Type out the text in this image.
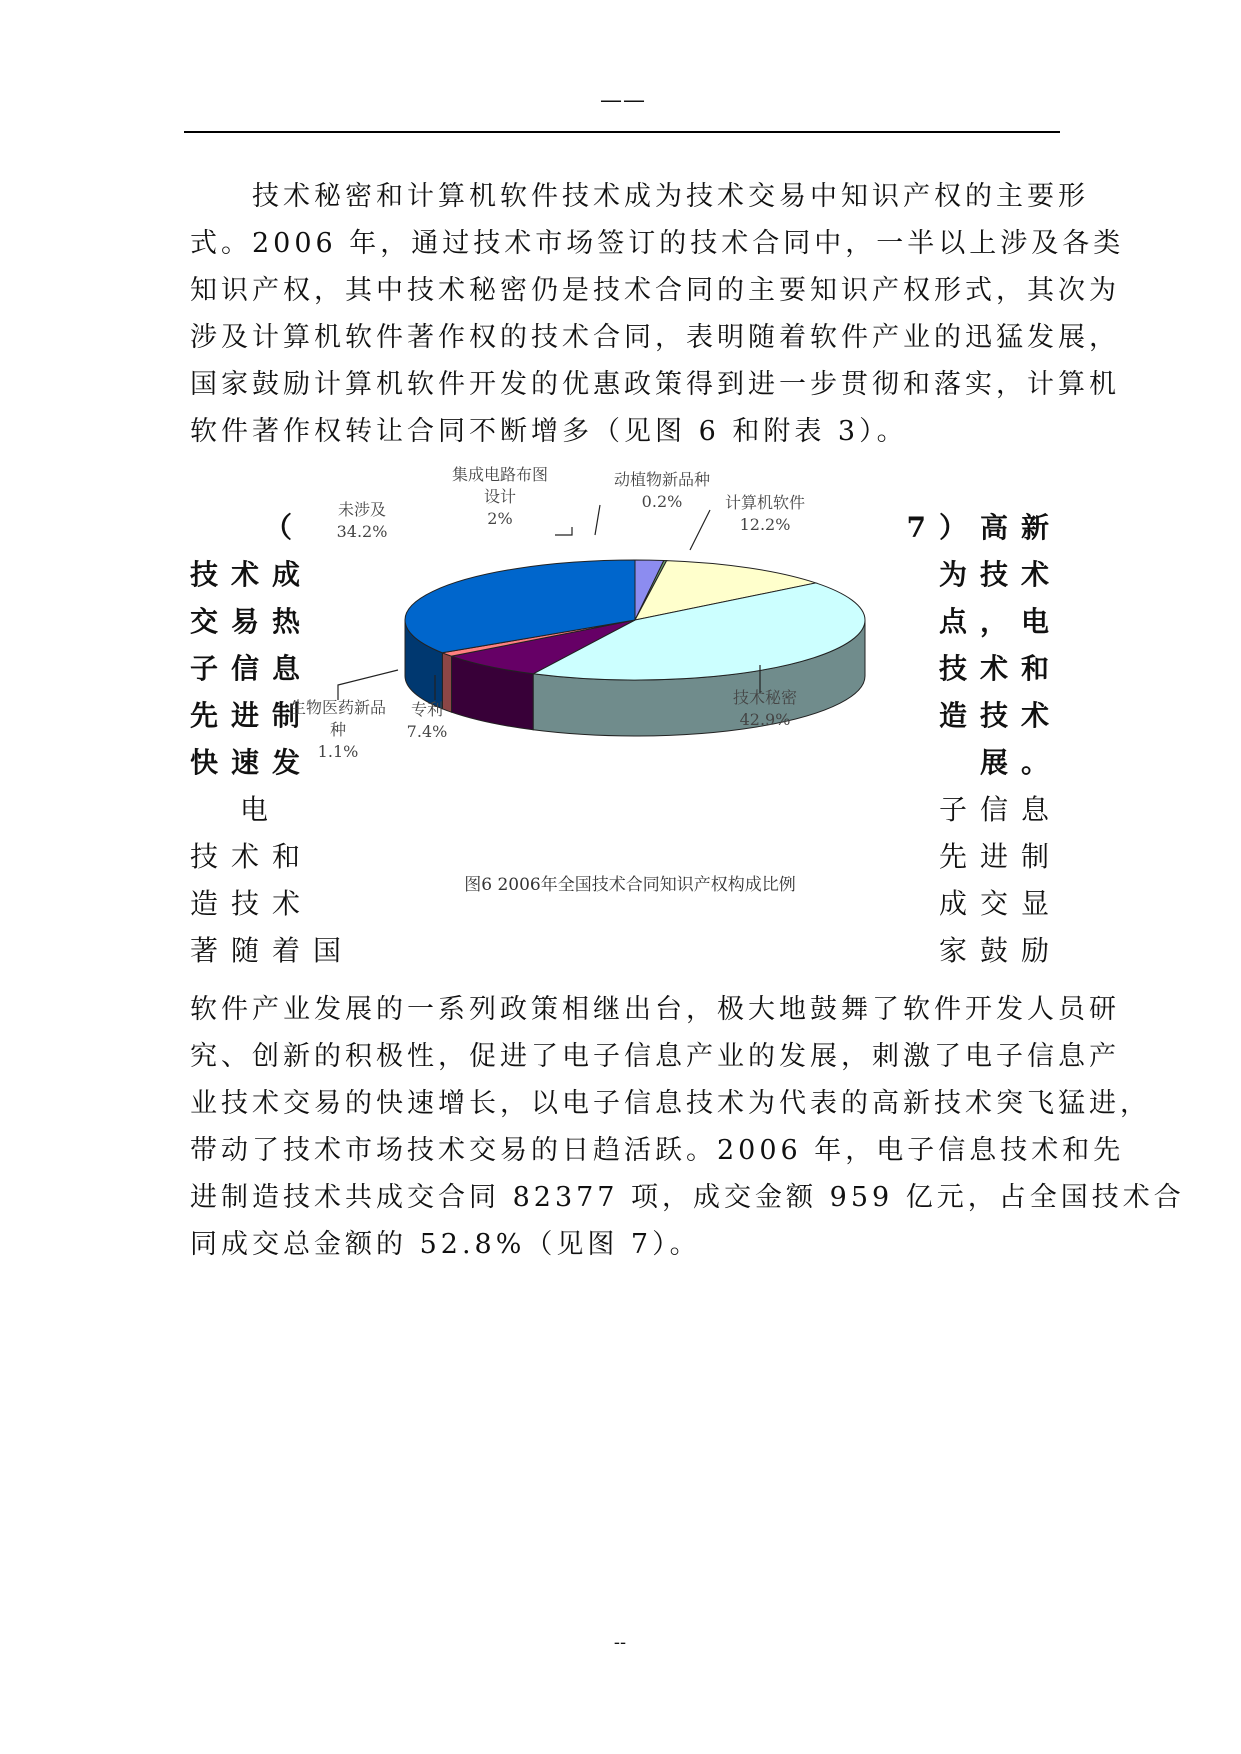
——
　　技术秘密和计算机软件技术成为技术交易中知识产权的主要形
式。2006 年，通过技术市场签订的技术合同中，一半以上涉及各类
知识产权，其中技术秘密仍是技术合同的主要知识产权形式，其次为
涉及计算机软件著作权的技术合同，表明随着软件产业的迅猛发展，
国家鼓励计算机软件开发的优惠政策得到进一步贯彻和落实，计算机
软件著作权转让合同不断增多（见图 6 和附表 3）。
（
技术成
交易热
子信息
先进制
快速发
电
技术和
造技术
著随着国
7）高新
为技术
点，电
技术和
造技术
展。
子信息
先进制
成交显
家鼓励
集成电路布图
设计
2%
动植物新品种
0.2%	计算机软件
12.2%
技术秘密
42.9%
专利
7.4%
生物医药新品
种
1.1%
未涉及
34.2%
图6 2006年全国技术合同知识产权构成比例
软件产业发展的一系列政策相继出台，极大地鼓舞了软件开发人员研
究、创新的积极性，促进了电子信息产业的发展，刺激了电子信息产
业技术交易的快速增长，以电子信息技术为代表的高新技术突飞猛进，
带动了技术市场技术交易的日趋活跃。2006 年，电子信息技术和先
进制造技术共成交合同 82377 项，成交金额 959 亿元，占全国技术合
同成交总金额的 52.8%（见图 7）。
--
